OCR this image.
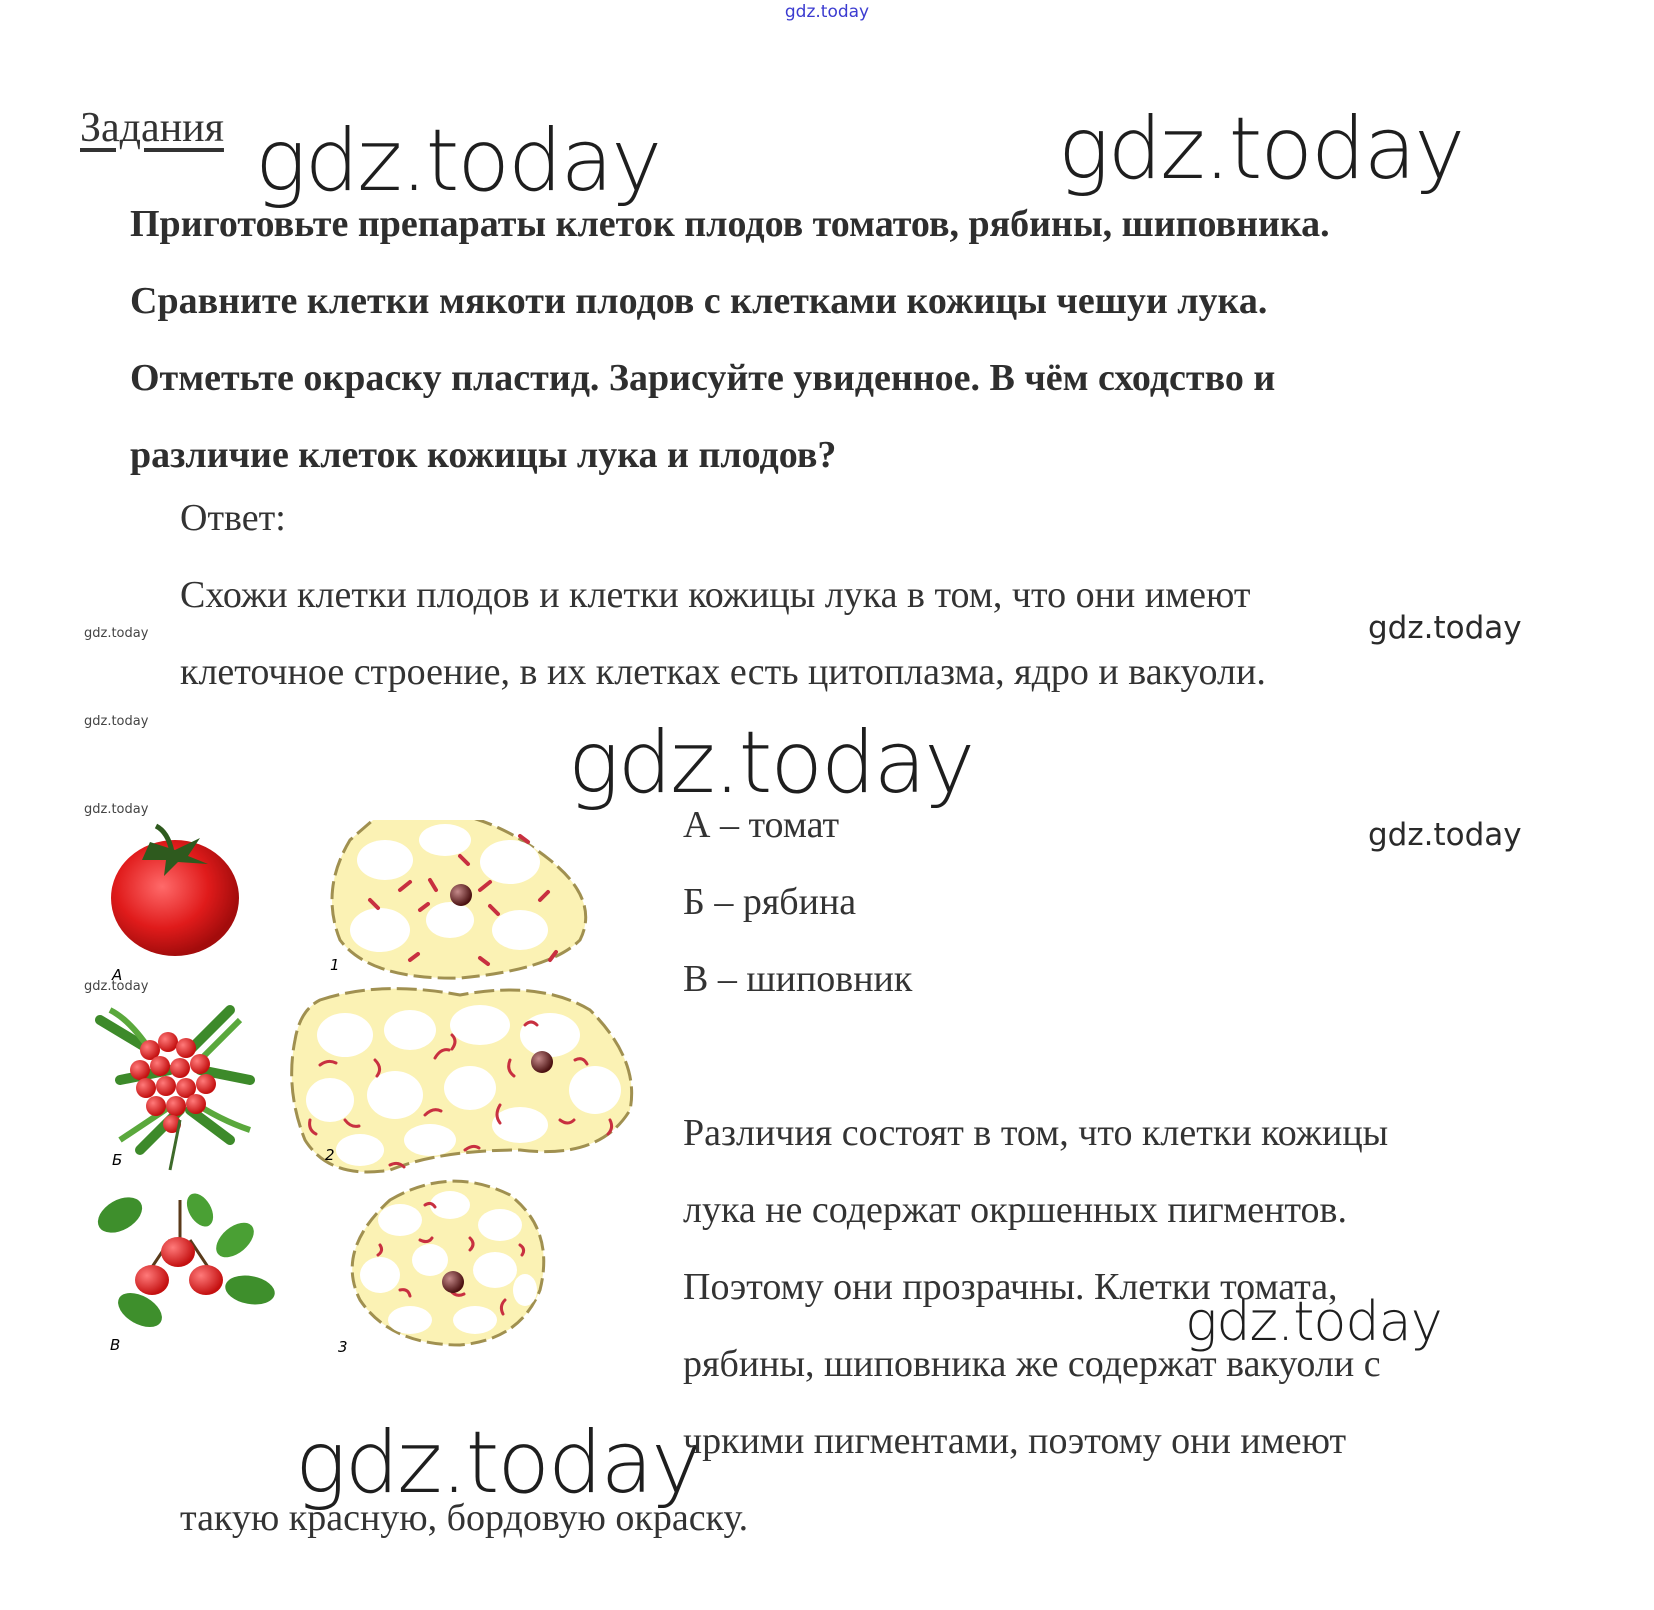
gdz.today
gdz.today	gdz.today
gdz.today
gdz.today
gdz.today
gdz.today
gdz.today
gdz.today
gdz.today
gdz.today
gdz.today
Задания

Приготовьте препараты клеток плодов томатов, рябины, шиповника.

Сравните клетки мякоти плодов с клетками кожицы чешуи лука.

Отметьте окраску пластид. Зарисуйте увиденное. В чём сходство и

различие клеток кожицы лука и плодов?

Ответ:

Схожи клетки плодов и клетки кожицы лука в том, что они имеют

клеточное строение, в их клетках есть цитоплазма, ядро и вакуоли.

А – томат

Б – рябина

В – шиповник

Различия состоят в том, что клетки кожицы

лука не содержат окршенных пигментов.

Поэтому они прозрачны. Клетки томата,

рябины, шиповника же содержат вакуоли с

чркими пигментами, поэтому они имеют

такую красную, бордовую окраску.
А
Б
В
1
2
3
